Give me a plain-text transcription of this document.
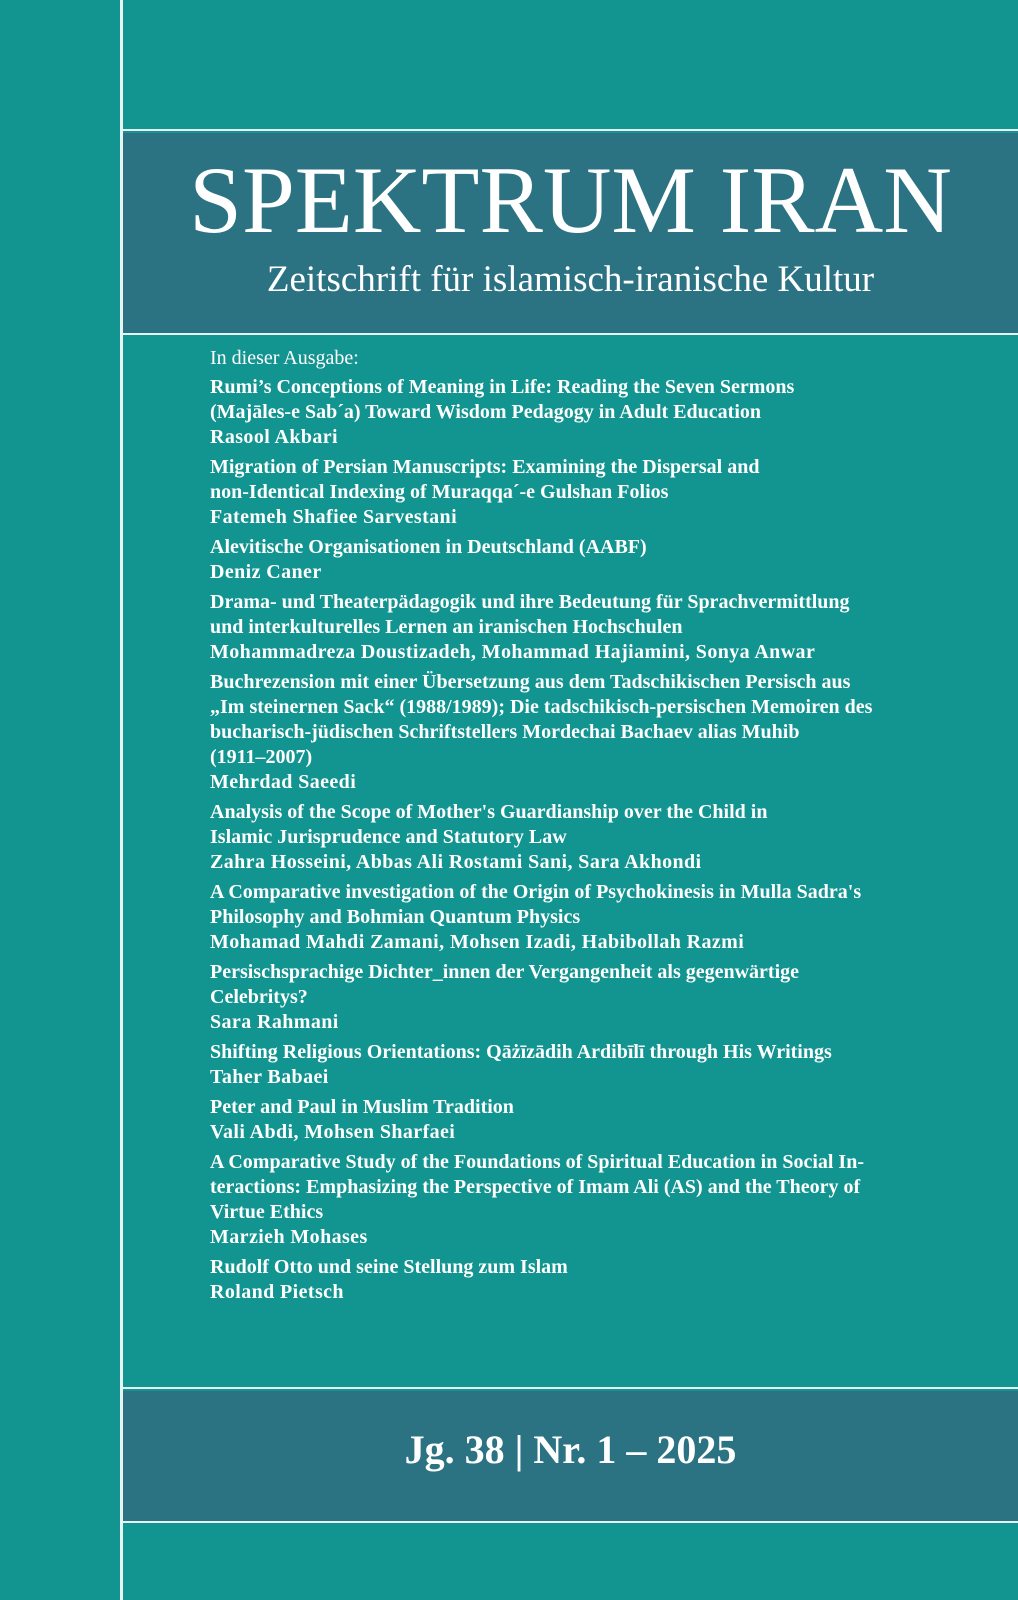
SPEKTRUM IRAN
Zeitschrift für islamisch-iranische Kultur
In dieser Ausgabe:
Rumi’s Conceptions of Meaning in Life: Reading the Seven Sermons
(Majāles-e Sab´a) Toward Wisdom Pedagogy in Adult Education
Rasool Akbari
Migration of Persian Manuscripts: Examining the Dispersal and
non-Identical Indexing of Muraqqa´-e Gulshan Folios
Fatemeh Shafiee Sarvestani
Alevitische Organisationen in Deutschland (AABF)
Deniz Caner
Drama- und Theaterpädagogik und ihre Bedeutung für Sprachvermittlung
und interkulturelles Lernen an iranischen Hochschulen
Mohammadreza Doustizadeh, Mohammad Hajiamini, Sonya Anwar
Buchrezension mit einer Übersetzung aus dem Tadschikischen Persisch aus
„Im steinernen Sack“ (1988/1989); Die tadschikisch-persischen Memoiren des
bucharisch-jüdischen Schriftstellers Mordechai Bachaev alias Muhib
(1911–2007)
Mehrdad Saeedi
Analysis of the Scope of Mother's Guardianship over the Child in
Islamic Jurisprudence and Statutory Law
Zahra Hosseini, Abbas Ali Rostami Sani, Sara Akhondi
A Comparative investigation of the Origin of Psychokinesis in Mulla Sadra's
Philosophy and Bohmian Quantum Physics
Mohamad Mahdi Zamani, Mohsen Izadi, Habibollah Razmi
Persischsprachige Dichter_innen der Vergangenheit als gegenwärtige
Celebritys?
Sara Rahmani
Shifting Religious Orientations: Qāżīzādih Ardibīlī through His Writings
Taher Babaei
Peter and Paul in Muslim Tradition
Vali Abdi, Mohsen Sharfaei
A Comparative Study of the Foundations of Spiritual Education in Social In-
teractions: Emphasizing the Perspective of Imam Ali (AS) and the Theory of
Virtue Ethics
Marzieh Mohases
Rudolf Otto und seine Stellung zum Islam
Roland Pietsch
Jg. 38 | Nr. 1 – 2025
